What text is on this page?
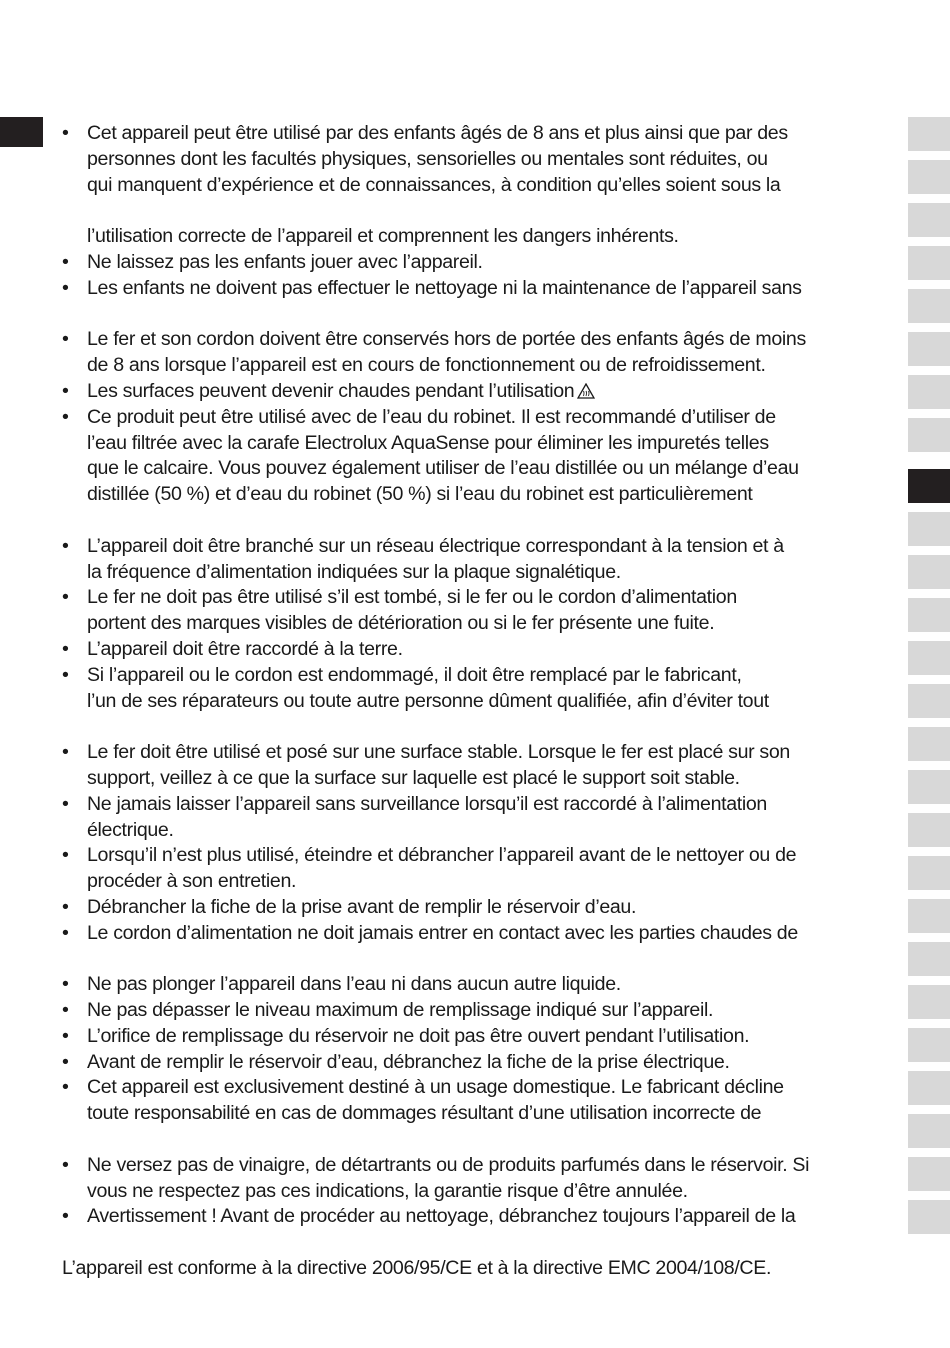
• Cet appareil peut être utilisé par des enfants âgés de 8 ans et plus ainsi que par des
personnes dont les facultés physiques, sensorielles ou mentales sont réduites, ou
qui manquent d’expérience et de connaissances, à condition qu’elles soient sous la
l’utilisation correcte de l’appareil et comprennent les dangers inhérents.
• Ne laissez pas les enfants jouer avec l’appareil.
• Les enfants ne doivent pas effectuer le nettoyage ni la maintenance de l’appareil sans
• Le fer et son cordon doivent être conservés hors de portée des enfants âgés de moins
de 8 ans lorsque l’appareil est en cours de fonctionnement ou de refroidissement.
• Les surfaces peuvent devenir chaudes pendant l’utilisation
• Ce produit peut être utilisé avec de l’eau du robinet. Il est recommandé d’utiliser de
l’eau filtrée avec la carafe Electrolux AquaSense pour éliminer les impuretés telles
que le calcaire. Vous pouvez également utiliser de l’eau distillée ou un mélange d’eau
distillée (50 %) et d’eau du robinet (50 %) si l’eau du robinet est particulièrement
• L’appareil doit être branché sur un réseau électrique correspondant à la tension et à
la fréquence d’alimentation indiquées sur la plaque signalétique.
• Le fer ne doit pas être utilisé s’il est tombé, si le fer ou le cordon d’alimentation
portent des marques visibles de détérioration ou si le fer présente une fuite.
• L’appareil doit être raccordé à la terre.
• Si l’appareil ou le cordon est endommagé, il doit être remplacé par le fabricant,
l’un de ses réparateurs ou toute autre personne dûment qualifiée, afin d’éviter tout
• Le fer doit être utilisé et posé sur une surface stable. Lorsque le fer est placé sur son
support, veillez à ce que la surface sur laquelle est placé le support soit stable.
• Ne jamais laisser l’appareil sans surveillance lorsqu’il est raccordé à l’alimentation
électrique.
• Lorsqu’il n’est plus utilisé, éteindre et débrancher l’appareil avant de le nettoyer ou de
procéder à son entretien.
• Débrancher la fiche de la prise avant de remplir le réservoir d’eau.
• Le cordon d’alimentation ne doit jamais entrer en contact avec les parties chaudes de
• Ne pas plonger l’appareil dans l’eau ni dans aucun autre liquide.
• Ne pas dépasser le niveau maximum de remplissage indiqué sur l’appareil.
• L’orifice de remplissage du réservoir ne doit pas être ouvert pendant l’utilisation.
• Avant de remplir le réservoir d’eau, débranchez la fiche de la prise électrique.
• Cet appareil est exclusivement destiné à un usage domestique. Le fabricant décline
toute responsabilité en cas de dommages résultant d’une utilisation incorrecte de
• Ne versez pas de vinaigre, de détartrants ou de produits parfumés dans le réservoir. Si
vous ne respectez pas ces indications, la garantie risque d’être annulée.
• Avertissement ! Avant de procéder au nettoyage, débranchez toujours l’appareil de la
L’appareil est conforme à la directive 2006/95/CE et à la directive EMC 2004/108/CE.
